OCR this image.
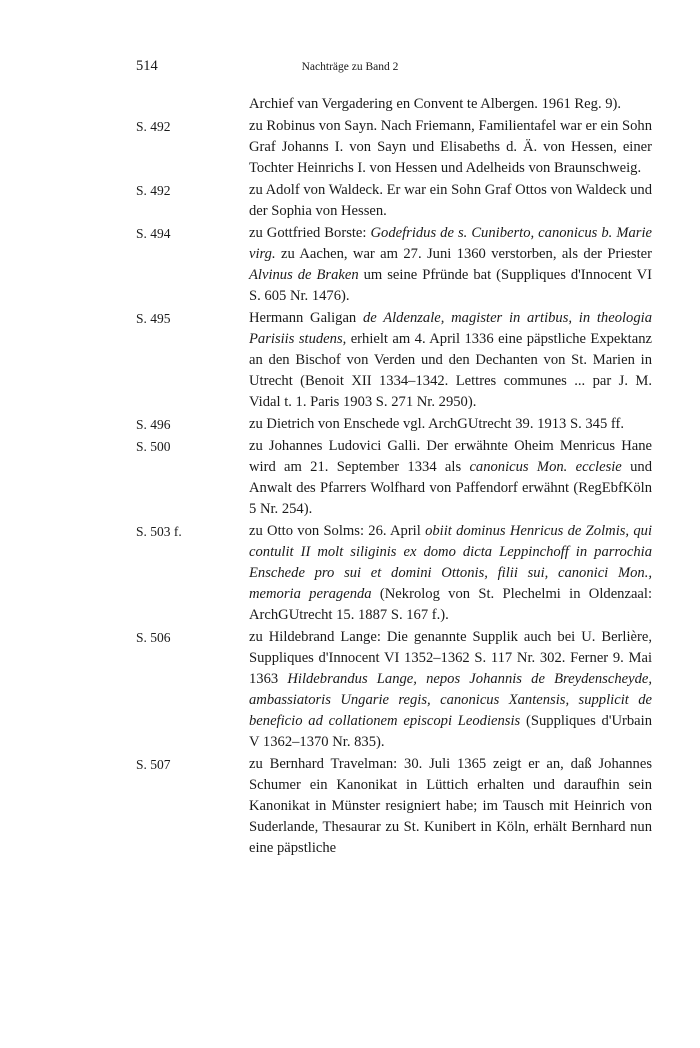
514	Nachträge zu Band 2
Archief van Vergadering en Convent te Albergen. 1961 Reg. 9).
S. 492	zu Robinus von Sayn. Nach Friemann, Familientafel war er ein Sohn Graf Johanns I. von Sayn und Elisabeths d. Ä. von Hessen, einer Tochter Heinrichs I. von Hessen und Adelheids von Braunschweig.
S. 492	zu Adolf von Waldeck. Er war ein Sohn Graf Ottos von Waldeck und der Sophia von Hessen.
S. 494	zu Gottfried Borste: Godefridus de s. Cuniberto, canonicus b. Marie virg. zu Aachen, war am 27. Juni 1360 verstorben, als der Priester Alvinus de Braken um seine Pfründe bat (Suppliques d'Innocent VI S. 605 Nr. 1476).
S. 495	Hermann Galigan de Aldenzale, magister in artibus, in theologia Parisiis studens, erhielt am 4. April 1336 eine päpstliche Expektanz an den Bischof von Verden und den Dechanten von St. Marien in Utrecht (Benoit XII 1334–1342. Lettres communes ... par J. M. Vidal t. 1. Paris 1903 S. 271 Nr. 2950).
S. 496	zu Dietrich von Enschede vgl. ArchGUtrecht 39. 1913 S. 345 ff.
S. 500	zu Johannes Ludovici Galli. Der erwähnte Oheim Menricus Hane wird am 21. September 1334 als canonicus Mon. ecclesie und Anwalt des Pfarrers Wolfhard von Paffendorf erwähnt (RegEbfKöln 5 Nr. 254).
S. 503 f.	zu Otto von Solms: 26. April obiit dominus Henricus de Zolmis, qui contulit II molt siliginis ex domo dicta Leppinchoff in parrochia Enschede pro sui et domini Ottonis, filii sui, canonici Mon., memoria peragenda (Nekrolog von St. Plechelmi in Oldenzaal: ArchGUtrecht 15. 1887 S. 167 f.).
S. 506	zu Hildebrand Lange: Die genannte Supplik auch bei U. Berlière, Suppliques d'Innocent VI 1352–1362 S. 117 Nr. 302. Ferner 9. Mai 1363 Hildebrandus Lange, nepos Johannis de Breydenscheyde, ambassiatoris Ungarie regis, canonicus Xantensis, supplicit de beneficio ad collationem episcopi Leodiensis (Suppliques d'Urbain V 1362–1370 Nr. 835).
S. 507	zu Bernhard Travelman: 30. Juli 1365 zeigt er an, daß Johannes Schumer ein Kanonikat in Lüttich erhalten und daraufhin sein Kanonikat in Münster resigniert habe; im Tausch mit Heinrich von Suderlande, Thesaurar zu St. Kunibert in Köln, erhält Bernhard nun eine päpstliche
